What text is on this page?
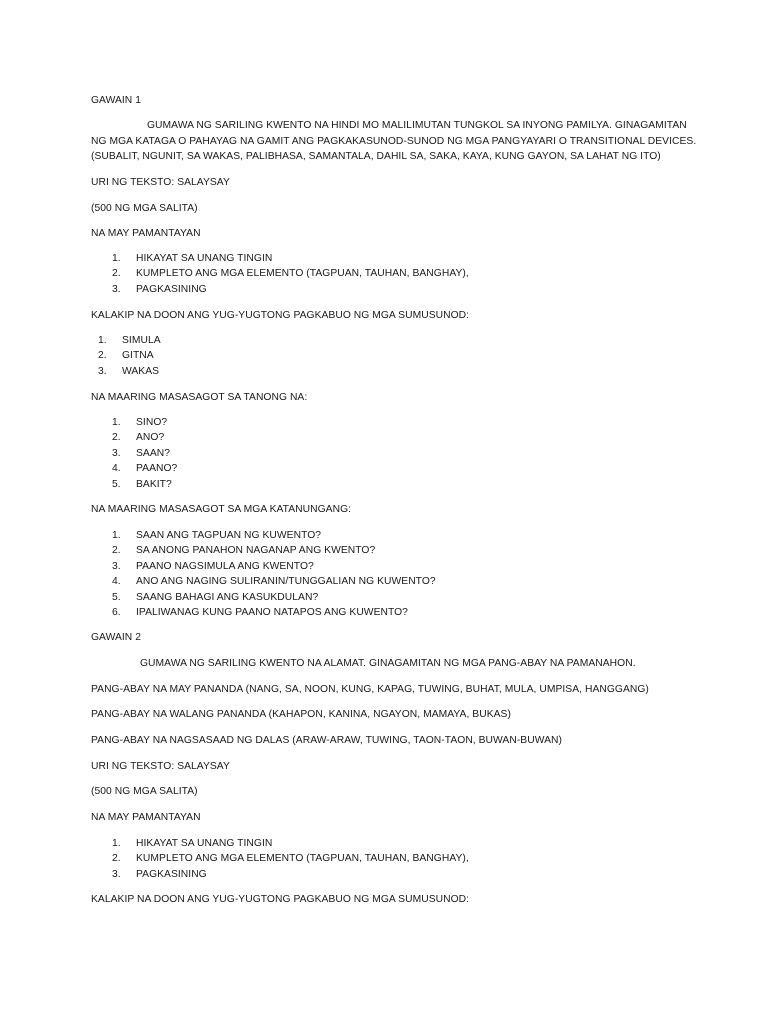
GAWAIN 1
GUMAWA NG SARILING KWENTO NA HINDI MO MALILIMUTAN TUNGKOL SA INYONG PAMILYA. GINAGAMITAN
NG MGA KATAGA O PAHAYAG NA GAMIT ANG PAGKAKASUNOD-SUNOD NG MGA PANGYAYARI O TRANSITIONAL DEVICES.
(SUBALIT, NGUNIT, SA WAKAS, PALIBHASA, SAMANTALA, DAHIL SA, SAKA, KAYA, KUNG GAYON, SA LAHAT NG ITO)
URI NG TEKSTO: SALAYSAY
(500 NG MGA SALITA)
NA MAY PAMANTAYAN
1.	HIKAYAT SA UNANG TINGIN
2.	KUMPLETO ANG MGA ELEMENTO (TAGPUAN, TAUHAN, BANGHAY),
3.	PAGKASINING
KALAKIP NA DOON ANG YUG-YUGTONG PAGKABUO NG MGA SUMUSUNOD:
1.	SIMULA
2.	GITNA
3.	WAKAS
NA MAARING MASASAGOT SA TANONG NA:
1.	SINO?
2.	ANO?
3.	SAAN?
4.	PAANO?
5.	BAKIT?
NA MAARING MASASAGOT SA MGA KATANUNGANG:
1.	SAAN ANG TAGPUAN NG KUWENTO?
2.	SA ANONG PANAHON NAGANAP ANG KWENTO?
3.	PAANO NAGSIMULA ANG KWENTO?
4.	ANO ANG NAGING SULIRANIN/TUNGGALIAN NG KUWENTO?
5.	SAANG BAHAGI ANG KASUKDULAN?
6.	IPALIWANAG KUNG PAANO NATAPOS ANG KUWENTO?
GAWAIN 2
GUMAWA NG SARILING KWENTO NA ALAMAT. GINAGAMITAN NG MGA PANG-ABAY NA PAMANAHON.
PANG-ABAY NA MAY PANANDA (NANG, SA, NOON, KUNG, KAPAG, TUWING, BUHAT, MULA, UMPISA, HANGGANG)
PANG-ABAY NA WALANG PANANDA (KAHAPON, KANINA, NGAYON, MAMAYA, BUKAS)
PANG-ABAY NA NAGSASAAD NG DALAS (ARAW-ARAW, TUWING, TAON-TAON, BUWAN-BUWAN)
URI NG TEKSTO: SALAYSAY
(500 NG MGA SALITA)
NA MAY PAMANTAYAN
1.	HIKAYAT SA UNANG TINGIN
2.	KUMPLETO ANG MGA ELEMENTO (TAGPUAN, TAUHAN, BANGHAY),
3.	PAGKASINING
KALAKIP NA DOON ANG YUG-YUGTONG PAGKABUO NG MGA SUMUSUNOD:
